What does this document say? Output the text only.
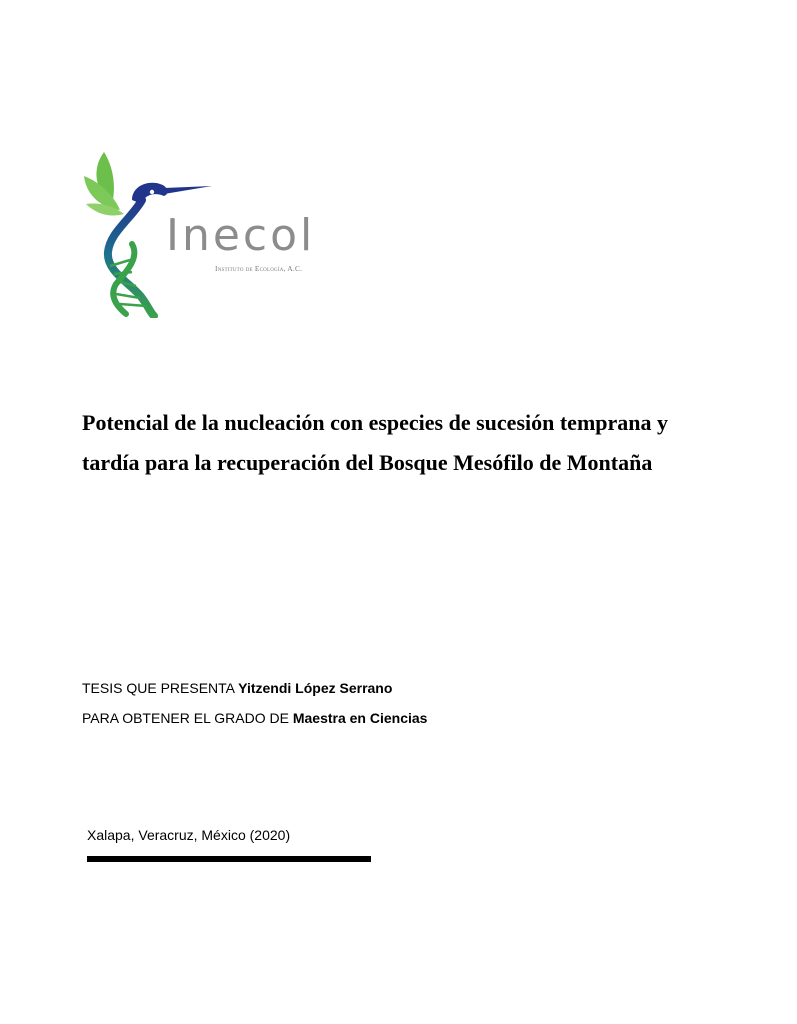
Inecol
Instituto de Ecología, A.C.
Potencial de la nucleación con especies de sucesión temprana y
tardía para la recuperación del Bosque Mesófilo de Montaña
TESIS QUE PRESENTA Yitzendi López Serrano
PARA OBTENER EL GRADO DE Maestra en Ciencias
Xalapa, Veracruz, México (2020)
